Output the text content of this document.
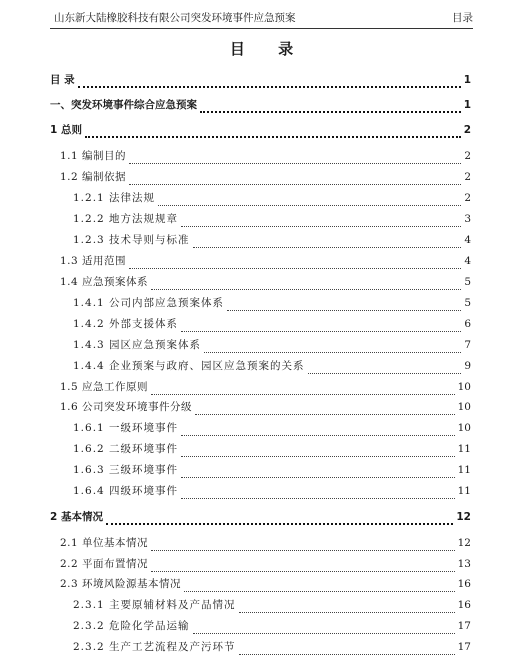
山东新大陆橡胶科技有限公司突发环境事件应急预案	目录
目 录
目 录	1
一、突发环境事件综合应急预案	1
1 总则	2
1.1 编制目的	2
1.2 编制依据	2
1.2.1 法律法规	2
1.2.2 地方法规规章	3
1.2.3 技术导则与标准	4
1.3 适用范围	4
1.4 应急预案体系	5
1.4.1 公司内部应急预案体系	5
1.4.2 外部支援体系	6
1.4.3 园区应急预案体系	7
1.4.4 企业预案与政府、园区应急预案的关系	9
1.5 应急工作原则	10
1.6 公司突发环境事件分级	10
1.6.1 一级环境事件	10
1.6.2 二级环境事件	11
1.6.3 三级环境事件	11
1.6.4 四级环境事件	11
2 基本情况	12
2.1 单位基本情况	12
2.2 平面布置情况	13
2.3 环境风险源基本情况	16
2.3.1 主要原辅材料及产品情况	16
2.3.2 危险化学品运输	17
2.3.2 生产工艺流程及产污环节	17
